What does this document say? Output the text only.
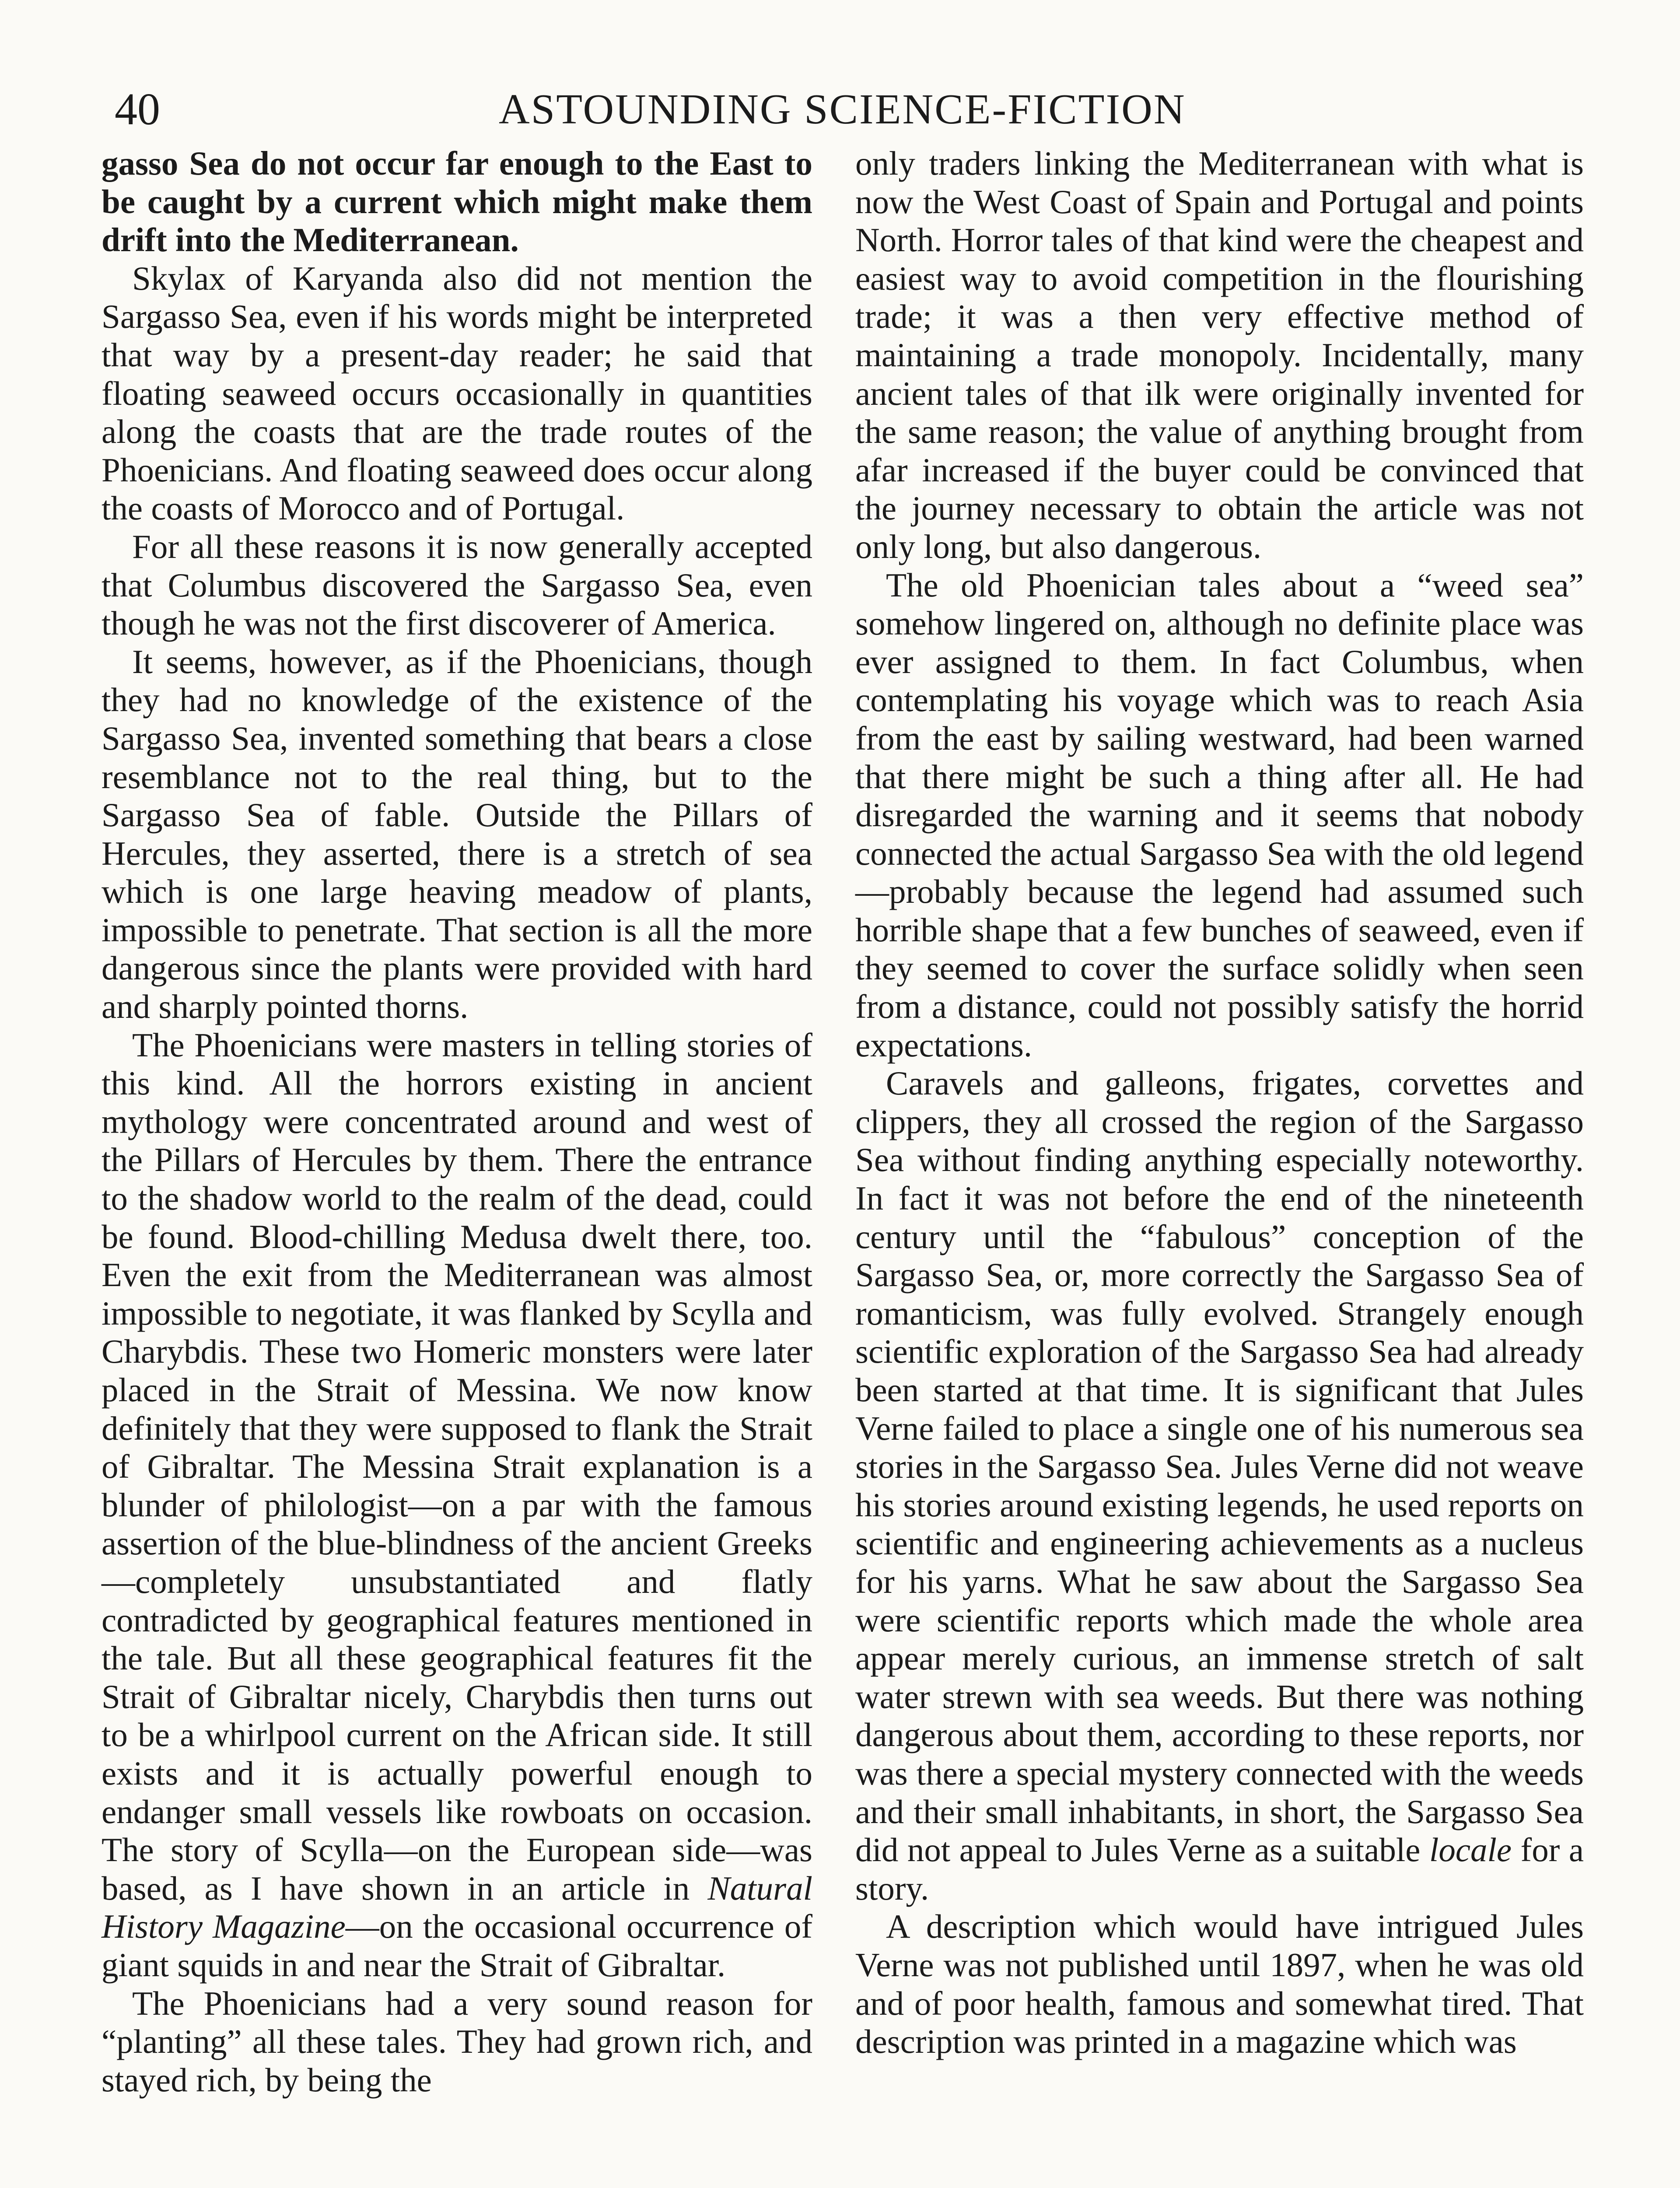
40	ASTOUNDING SCIENCE-FICTION

gasso Sea do not occur far enough to the East to be caught by a current which might make them drift into the Mediterranean.

Skylax of Karyanda also did not mention the Sargasso Sea, even if his words might be interpreted that way by a present-day reader; he said that floating seaweed occurs occasionally in quantities along the coasts that are the trade routes of the Phoenicians. And floating seaweed does occur along the coasts of Morocco and of Portugal.

For all these reasons it is now generally accepted that Columbus discovered the Sargasso Sea, even though he was not the first discoverer of America.

It seems, however, as if the Phoenicians, though they had no knowledge of the existence of the Sargasso Sea, invented something that bears a close resemblance not to the real thing, but to the Sargasso Sea of fable. Outside the Pillars of Hercules, they asserted, there is a stretch of sea which is one large heaving meadow of plants, impossible to penetrate. That section is all the more dangerous since the plants were provided with hard and sharply pointed thorns.

The Phoenicians were masters in telling stories of this kind. All the horrors existing in ancient mythology were concentrated around and west of the Pillars of Hercules by them. There the entrance to the shadow world to the realm of the dead, could be found. Blood-chilling Medusa dwelt there, too. Even the exit from the Mediterranean was almost impossible to negotiate, it was flanked by Scylla and Charybdis. These two Homeric monsters were later placed in the Strait of Messina. We now know definitely that they were supposed to flank the Strait of Gibraltar. The Messina Strait explanation is a blunder of philologist—on a par with the famous assertion of the blue-blindness of the ancient Greeks—completely unsubstantiated and flatly contradicted by geographical features mentioned in the tale. But all these geographical features fit the Strait of Gibraltar nicely, Charybdis then turns out to be a whirlpool current on the African side. It still exists and it is actually powerful enough to endanger small vessels like rowboats on occasion. The story of Scylla—on the European side—was based, as I have shown in an article in Natural History Magazine—on the occasional occurrence of giant squids in and near the Strait of Gibraltar.

The Phoenicians had a very sound reason for “planting” all these tales. They had grown rich, and stayed rich, by being the

only traders linking the Mediterranean with what is now the West Coast of Spain and Portugal and points North. Horror tales of that kind were the cheapest and easiest way to avoid competition in the flourishing trade; it was a then very effective method of maintaining a trade monopoly. Incidentally, many ancient tales of that ilk were originally invented for the same reason; the value of anything brought from afar increased if the buyer could be convinced that the journey necessary to obtain the article was not only long, but also dangerous.

The old Phoenician tales about a “weed sea” somehow lingered on, although no definite place was ever assigned to them. In fact Columbus, when contemplating his voyage which was to reach Asia from the east by sailing westward, had been warned that there might be such a thing after all. He had disregarded the warning and it seems that nobody connected the actual Sargasso Sea with the old legend—probably because the legend had assumed such horrible shape that a few bunches of seaweed, even if they seemed to cover the surface solidly when seen from a distance, could not possibly satisfy the horrid expectations.

Caravels and galleons, frigates, corvettes and clippers, they all crossed the region of the Sargasso Sea without finding anything especially noteworthy. In fact it was not before the end of the nineteenth century until the “fabulous” conception of the Sargasso Sea, or, more correctly the Sargasso Sea of romanticism, was fully evolved. Strangely enough scientific exploration of the Sargasso Sea had already been started at that time. It is significant that Jules Verne failed to place a single one of his numerous sea stories in the Sargasso Sea. Jules Verne did not weave his stories around existing legends, he used reports on scientific and engineering achievements as a nucleus for his yarns. What he saw about the Sargasso Sea were scientific reports which made the whole area appear merely curious, an immense stretch of salt water strewn with sea weeds. But there was nothing dangerous about them, according to these reports, nor was there a special mystery connected with the weeds and their small inhabitants, in short, the Sargasso Sea did not appeal to Jules Verne as a suitable locale for a story.

A description which would have intrigued Jules Verne was not published until 1897, when he was old and of poor health, famous and somewhat tired. That description was printed in a magazine which was
